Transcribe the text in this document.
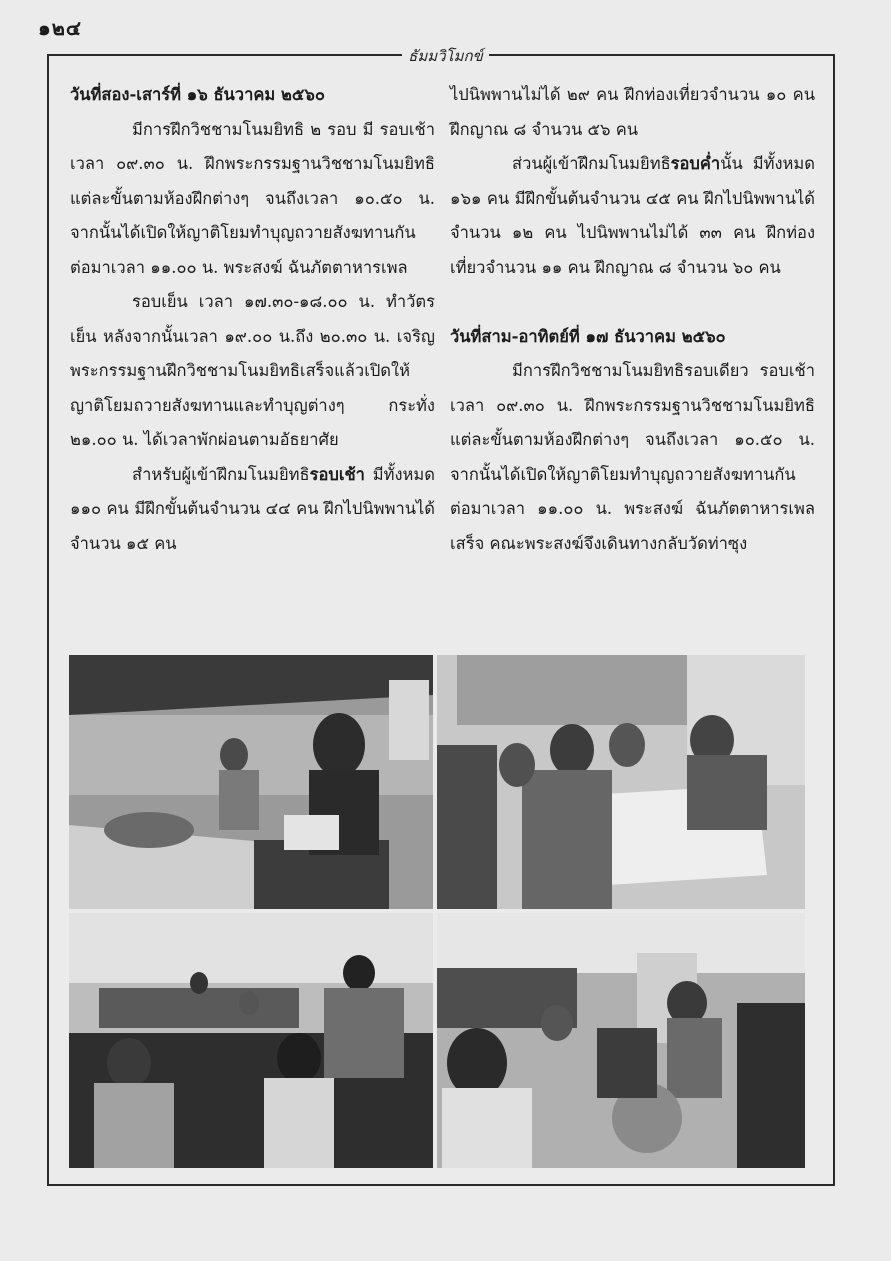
๑๒๔
ธัมมวิโมกข์

วันที่สอง-เสาร์ที่ ๑๖ ธันวาคม ๒๕๖๐

มีการฝึกวิชชามโนมยิทธิ ๒ รอบ มี รอบเช้าเวลา ๐๙.๓๐ น. ฝึกพระกรรมฐานวิชชามโนมยิทธิแต่ละขั้นตามห้องฝึกต่างๆ จนถึงเวลา ๑๐.๕๐ น. จากนั้นได้เปิดให้ญาติโยมทำบุญถวายสังฆทานกัน ต่อมาเวลา ๑๑.๐๐ น. พระสงฆ์ ฉันภัตตาหารเพล

รอบเย็น เวลา ๑๗.๓๐-๑๘.๐๐ น. ทำวัตรเย็น หลังจากนั้นเวลา ๑๙.๐๐ น.ถึง ๒๐.๓๐ น. เจริญพระกรรมฐานฝึกวิชชามโนมยิทธิเสร็จแล้วเปิดให้ญาติโยมถวายสังฆทานและทำบุญต่างๆ กระทั่ง ๒๑.๐๐ น. ได้เวลาพักผ่อนตามอัธยาศัย

สำหรับผู้เข้าฝึกมโนมยิทธิรอบเช้า มีทั้งหมด ๑๑๐ คน มีฝึกขั้นต้นจำนวน ๔๔ คน ฝึกไปนิพพานได้จำนวน ๑๕ คน

ไปนิพพานไม่ได้ ๒๙ คน ฝึกท่องเที่ยวจำนวน ๑๐ คน ฝึกญาณ ๘ จำนวน ๕๖ คน

ส่วนผู้เข้าฝึกมโนมยิทธิรอบค่ำนั้น มีทั้งหมด ๑๖๑ คน มีฝึกขั้นต้นจำนวน ๔๕ คน ฝึกไปนิพพานได้จำนวน ๑๒ คน ไปนิพพานไม่ได้ ๓๓ คน ฝึกท่องเที่ยวจำนวน ๑๑ คน ฝึกญาณ ๘ จำนวน ๖๐ คน

วันที่สาม-อาทิตย์ที่ ๑๗ ธันวาคม ๒๕๖๐

มีการฝึกวิชชามโนมยิทธิรอบเดียว รอบเช้าเวลา ๐๙.๓๐ น. ฝึกพระกรรมฐานวิชชามโนมยิทธิแต่ละขั้นตามห้องฝึกต่างๆ จนถึงเวลา ๑๐.๕๐ น. จากนั้นได้เปิดให้ญาติโยมทำบุญถวายสังฆทานกัน ต่อมาเวลา ๑๑.๐๐ น. พระสงฆ์ ฉันภัตตาหารเพล เสร็จ คณะพระสงฆ์จึงเดินทางกลับวัดท่าซุง
